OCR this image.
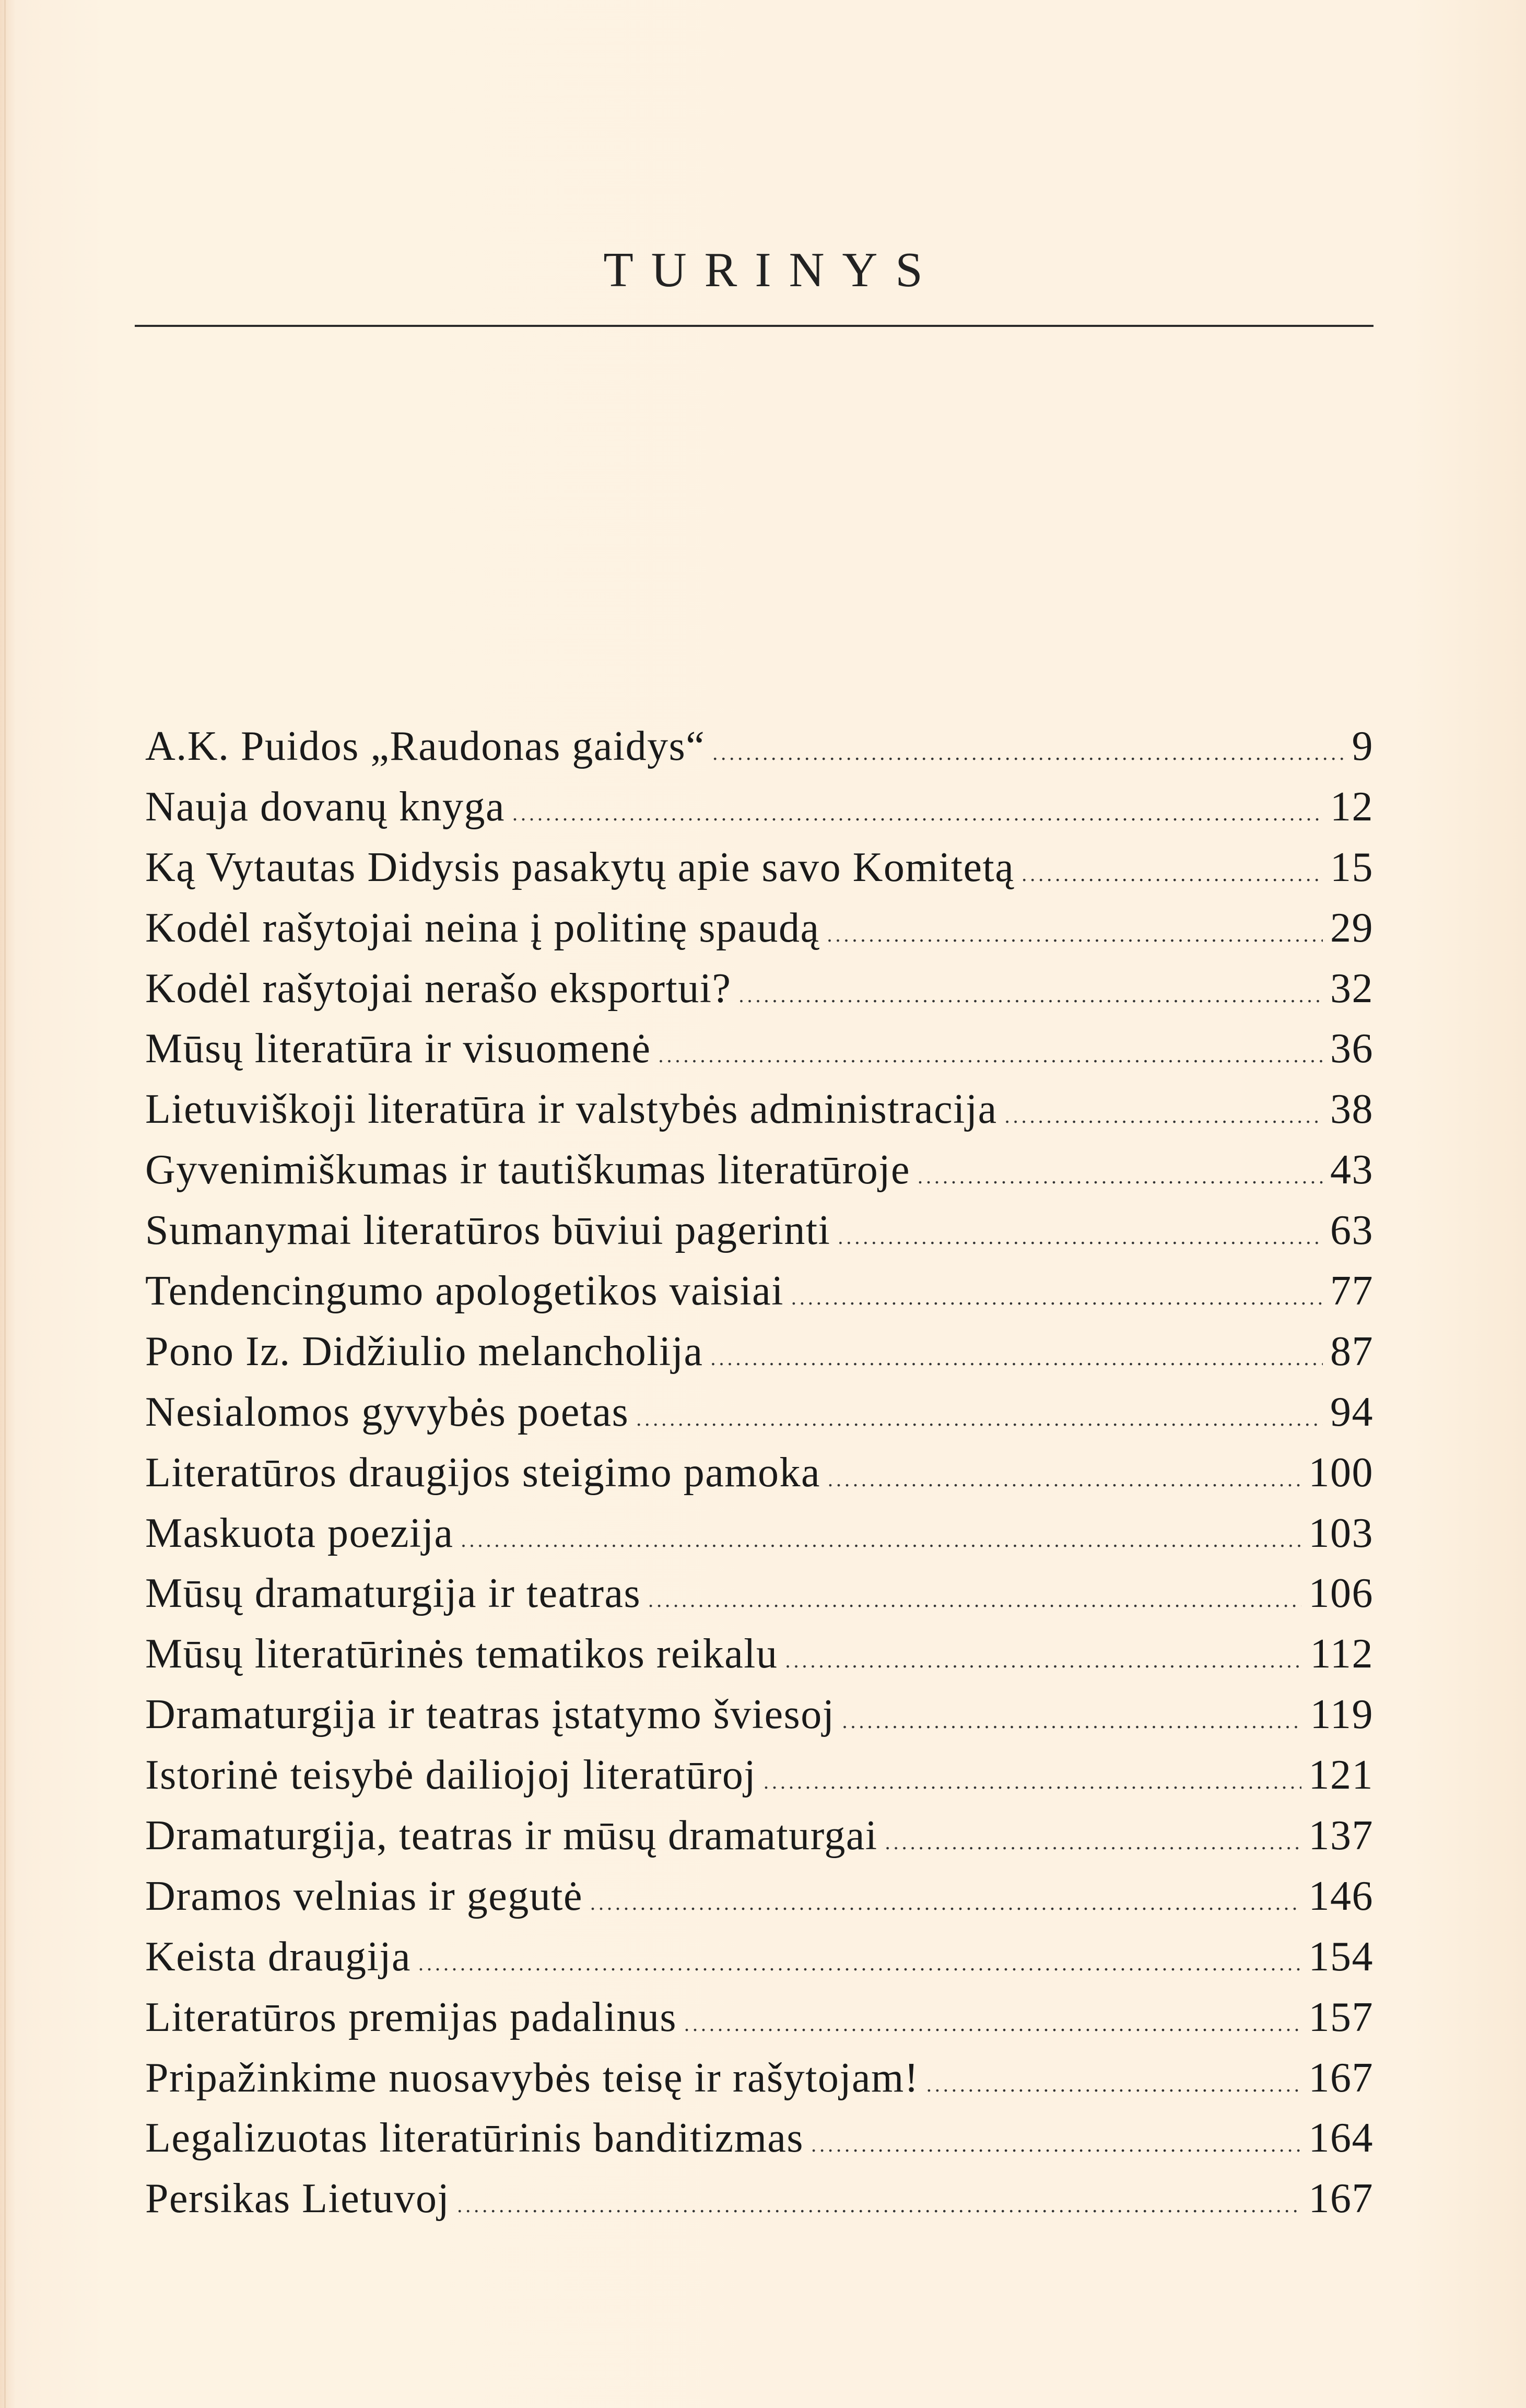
TURINYS
A.K. Puidos „Raudonas gaidys“ .....	9
Nauja dovanų knyga .....	12
Ką Vytautas Didysis pasakytų apie savo Komitetą .....	15
Kodėl rašytojai neina į politinę spaudą .....	29
Kodėl rašytojai nerašo eksportui? .....	32
Mūsų literatūra ir visuomenė .....	36
Lietuviškoji literatūra ir valstybės administracija .....	38
Gyvenimiškumas ir tautiškumas literatūroje .....	43
Sumanymai literatūros būviui pagerinti .....	63
Tendencingumo apologetikos vaisiai .....	77
Pono Iz. Didžiulio melancholija .....	87
Nesialomos gyvybės poetas .....	94
Literatūros draugijos steigimo pamoka .....	100
Maskuota poezija .....	103
Mūsų dramaturgija ir teatras .....	106
Mūsų literatūrinės tematikos reikalu .....	112
Dramaturgija ir teatras įstatymo šviesoj .....	119
Istorinė teisybė dailiojoj literatūroj .....	121
Dramaturgija, teatras ir mūsų dramaturgai .....	137
Dramos velnias ir gegutė .....	146
Keista draugija .....	154
Literatūros premijas padalinus .....	157
Pripažinkime nuosavybės teisę ir rašytojam! .....	167
Legalizuotas literatūrinis banditizmas .....	164
Persikas Lietuvoj .....	167
